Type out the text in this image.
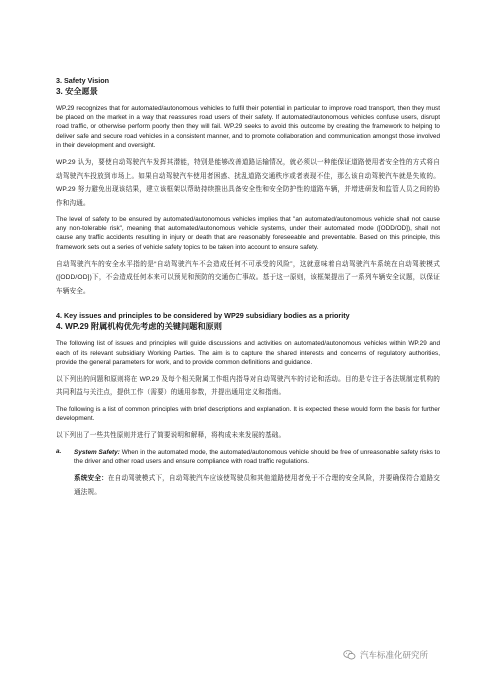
3. Safety Vision
3. 安全愿景

WP.29 recognizes that for automated/autonomous vehicles to fulfil their potential in particular to improve road transport, then they must be placed on the market in a way that reassures road users of their safety. If automated/autonomous vehicles confuse users, disrupt road traffic, or otherwise perform poorly then they will fail. WP.29 seeks to avoid this outcome by creating the framework to helping to deliver safe and secure road vehicles in a consistent manner, and to promote collaboration and communication amongst those involved in their development and oversight.

WP.29 认为，要使自动驾驶汽车发挥其潜能，特别是能够改善道路运输情况，就必须以一种能保证道路使用者安全性的方式将自动驾驶汽车投放到市场上。如果自动驾驶汽车使用者困惑、扰乱道路交通秩序或者表现不佳，那么该自动驾驶汽车就是失败的。WP.29 努力避免出现该结果，建立该框架以帮助持续推出具备安全性和安全防护性的道路车辆，并增进研发和监管人员之间的协作和沟通。

The level of safety to be ensured by automated/autonomous vehicles implies that "an automated/autonomous vehicle shall not cause any non-tolerable risk", meaning that automated/autonomous vehicle systems, under their automated mode ([ODD/OD]), shall not cause any traffic accidents resulting in injury or death that are reasonably foreseeable and preventable. Based on this principle, this framework sets out a series of vehicle safety topics to be taken into account to ensure safety.

自动驾驶汽车的安全水平指的是“自动驾驶汽车不会造成任何不可承受的风险”，这就意味着自动驾驶汽车系统在自动驾驶模式([ODD/OD])下，不会造成任何本来可以预见和预防的交通伤亡事故。基于这一原则，该框架提出了一系列车辆安全议题，以保证车辆安全。

4. Key issues and principles to be considered by WP29 subsidiary bodies as a priority
4. WP.29 附属机构优先考虑的关键问题和原则

The following list of issues and principles will guide discussions and activities on automated/autonomous vehicles within WP.29 and each of its relevant subsidiary Working Parties. The aim is to capture the shared interests and concerns of regulatory authorities, provide the general parameters for work, and to provide common definitions and guidance.

以下列出的问题和原则将在 WP.29 及每个相关附属工作组内指导对自动驾驶汽车的讨论和活动。目的是专注于各法规制定机构的共同利益与关注点，提供工作（需要）的通用参数，并提出通用定义和指南。

The following is a list of common principles with brief descriptions and explanation. It is expected these would form the basis for further development.

以下列出了一些共性原则并进行了简要说明和解释，将构成未来发展的基础。

a. System Safety: When in the automated mode, the automated/autonomous vehicle should be free of unreasonable safety risks to the driver and other road users and ensure compliance with road traffic regulations.

系统安全：在自动驾驶模式下，自动驾驶汽车应该使驾驶员和其他道路使用者免于不合理的安全风险，并要确保符合道路交通法规。

汽车标准化研究所
